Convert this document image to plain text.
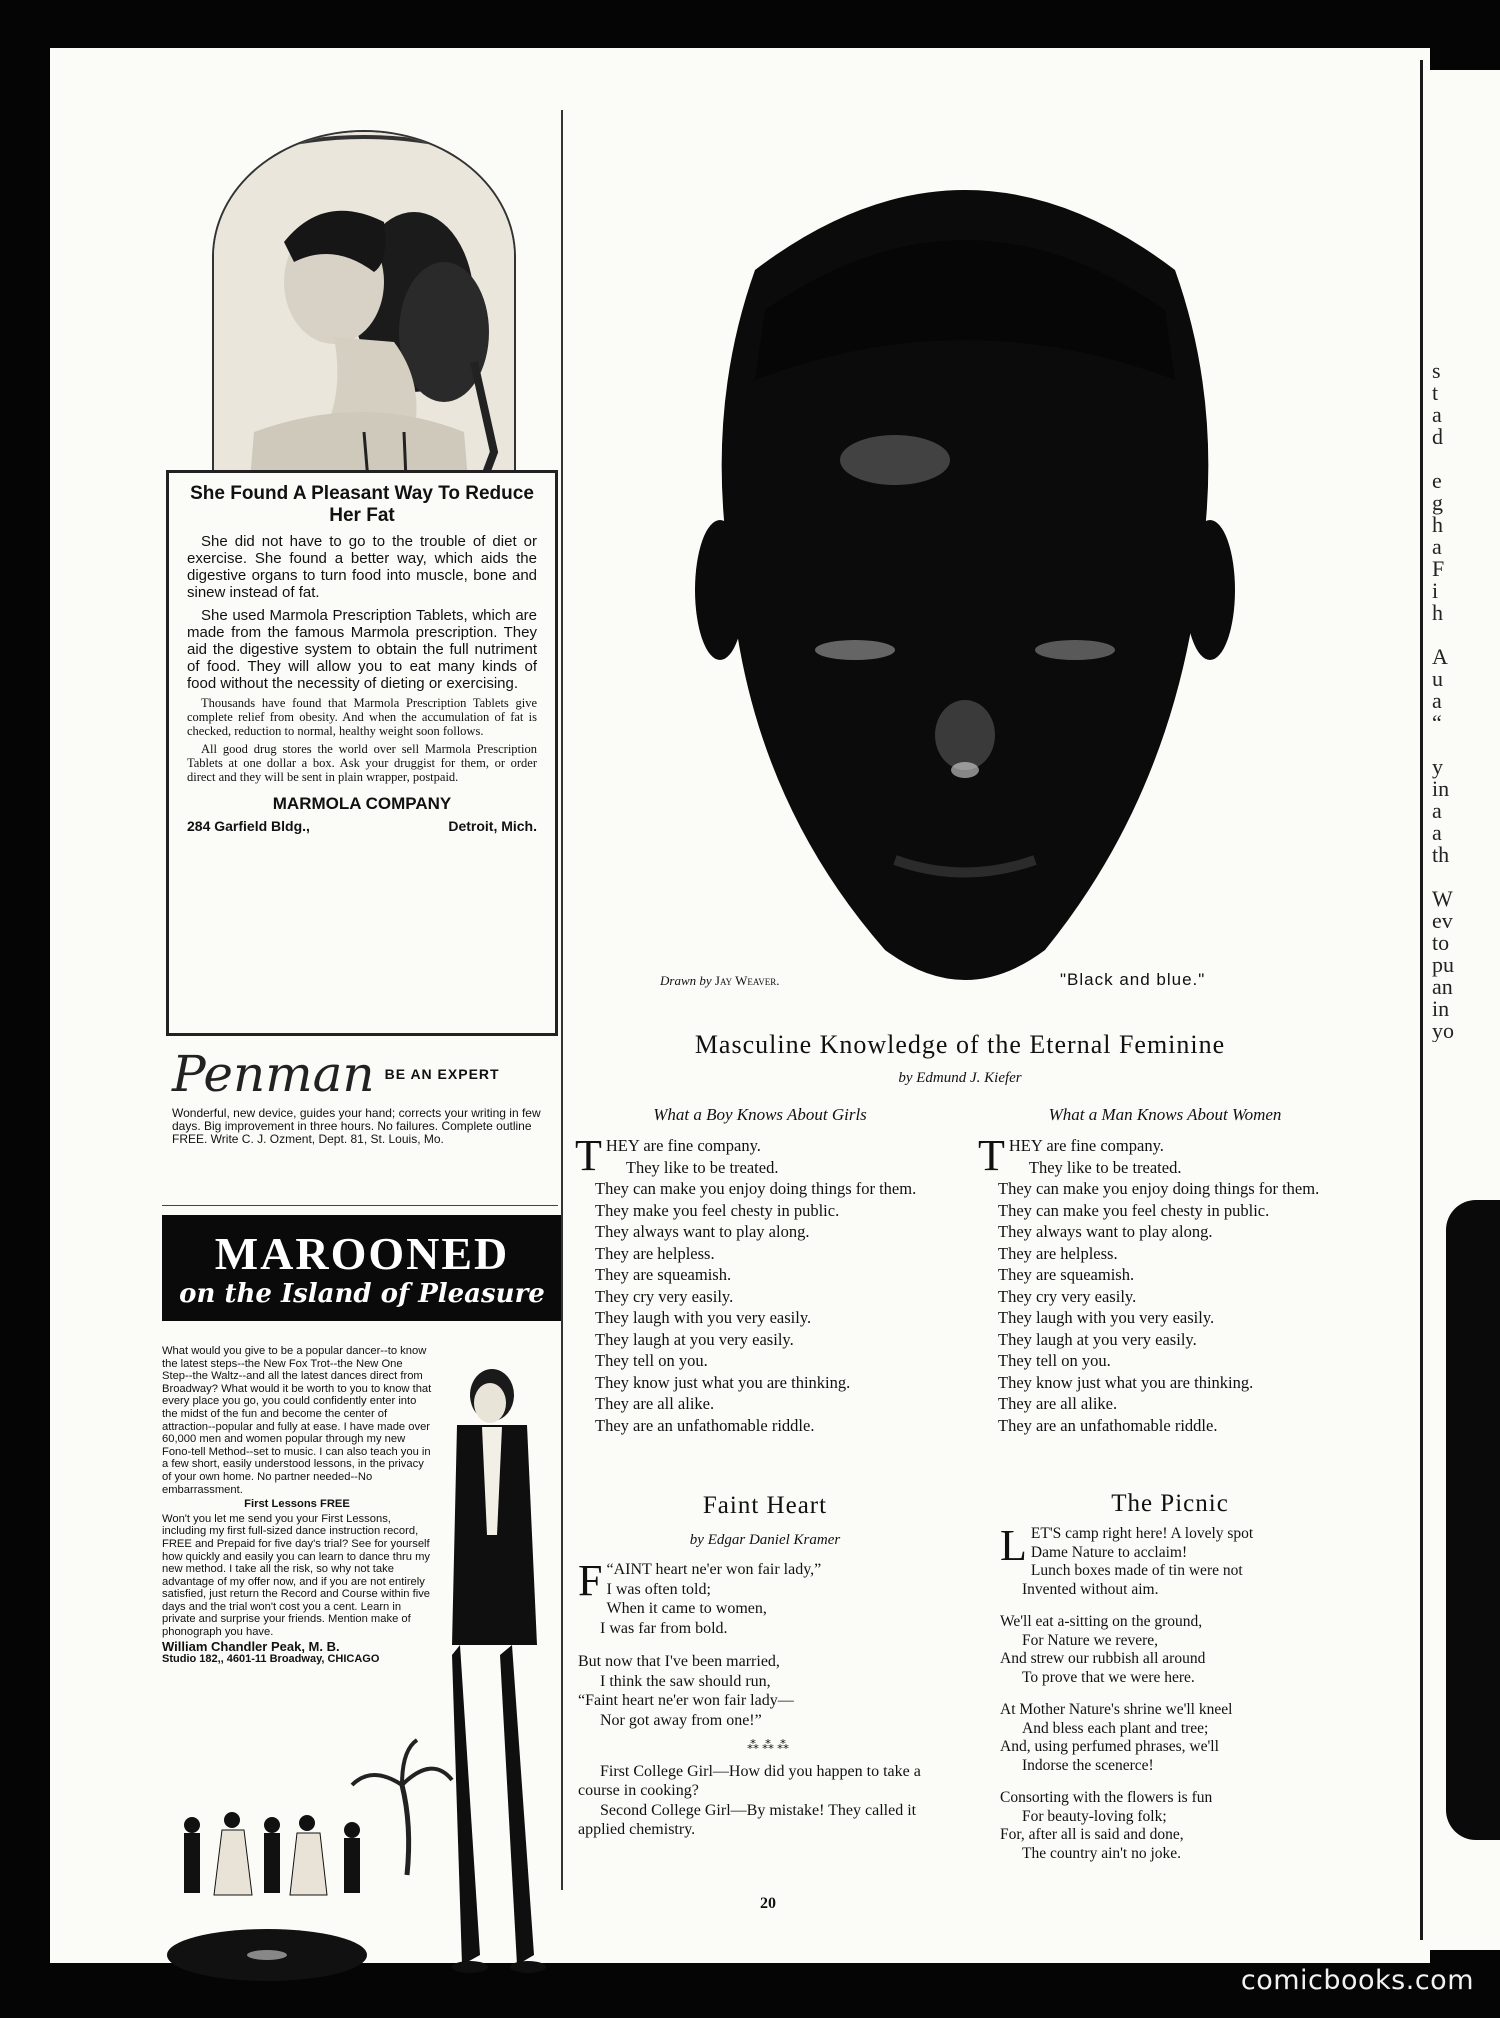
s
t
a
d

e
g
h
a
F
i
h

A
u
a
“

y
in
a
a
th

W
ev
to
pu
an
in
yo
She Found A Pleasant Way To Reduce Her Fat

She did not have to go to the trouble of diet or exercise. She found a better way, which aids the digestive organs to turn food into muscle, bone and sinew instead of fat.

She used Marmola Prescription Tablets, which are made from the famous Marmola prescription. They aid the digestive system to obtain the full nutriment of food. They will allow you to eat many kinds of food without the necessity of dieting or exercising.

Thousands have found that Marmola Prescription Tablets give complete relief from obesity. And when the accumulation of fat is checked, reduction to normal, healthy weight soon follows.

All good drug stores the world over sell Marmola Prescription Tablets at one dollar a box. Ask your druggist for them, or order direct and they will be sent in plain wrapper, postpaid.

MARMOLA COMPANY
284 Garfield Bldg.,	Detroit, Mich.
Penman BE AN EXPERT

Wonderful, new device, guides your hand; corrects your writing in few days. Big improvement in three hours. No failures. Complete outline FREE. Write C. J. Ozment, Dept. 81, St. Louis, Mo.

MAROONED
on the Island of Pleasure
What would you give to be a popular dancer--to know the latest steps--the New Fox Trot--the New One Step--the Waltz--and all the latest dances direct from Broadway? What would it be worth to you to know that every place you go, you could confidently enter into the midst of the fun and become the center of attraction--popular and fully at ease. I have made over 60,000 men and women popular through my new Fono-tell Method--set to music. I can also teach you in a few short, easily understood lessons, in the privacy of your own home. No partner needed--No embarrassment.
First Lessons FREE
Won't you let me send you your First Lessons, including my first full-sized dance instruction record, FREE and Prepaid for five day's trial? See for yourself how quickly and easily you can learn to dance thru my new method. I take all the risk, so why not take advantage of my offer now, and if you are not entirely satisfied, just return the Record and Course within five days and the trial won't cost you a cent. Learn in private and surprise your friends. Mention make of phonograph you have.
William Chandler Peak, M. B.
Studio 182,, 4601-11 Broadway, CHICAGO
Drawn by Jay Weaver.	"Black and blue."
Masculine Knowledge of the Eternal Feminine
by Edmund J. Kiefer
What a Boy Knows About Girls	What a Man Knows About Women
T HEY are fine company.

They like to be treated.

They can make you enjoy doing things for them.

They make you feel chesty in public.

They always want to play along.

They are helpless.

They are squeamish.

They cry very easily.

They laugh with you very easily.

They laugh at you very easily.

They tell on you.

They know just what you are thinking.

They are all alike.

They are an unfathomable riddle.

T HEY are fine company.

They like to be treated.

They can make you enjoy doing things for them.

They can make you feel chesty in public.

They always want to play along.

They are helpless.

They are squeamish.

They cry very easily.

They laugh with you very easily.

They laugh at you very easily.

They tell on you.

They know just what you are thinking.

They are all alike.

They are an unfathomable riddle.

Faint Heart
by Edgar Daniel Kramer
F “AINT heart ne'er won fair lady,”

I was often told;

When it came to women,

I was far from bold.

But now that I've been married,

I think the saw should run,

“Faint heart ne'er won fair lady—

Nor got away from one!”

⁂ ⁂ ⁂

First College Girl—How did you happen to take a course in cooking?

Second College Girl—By mistake! They called it applied chemistry.

The Picnic
L ET'S camp right here! A lovely spot

Dame Nature to acclaim!

Lunch boxes made of tin were not

Invented without aim.

We'll eat a-sitting on the ground,

For Nature we revere,

And strew our rubbish all around

To prove that we were here.

At Mother Nature's shrine we'll kneel

And bless each plant and tree;

And, using perfumed phrases, we'll

Indorse the scenerce!

Consorting with the flowers is fun

For beauty-loving folk;

For, after all is said and done,

The country ain't no joke.

20
comicbooks.com
